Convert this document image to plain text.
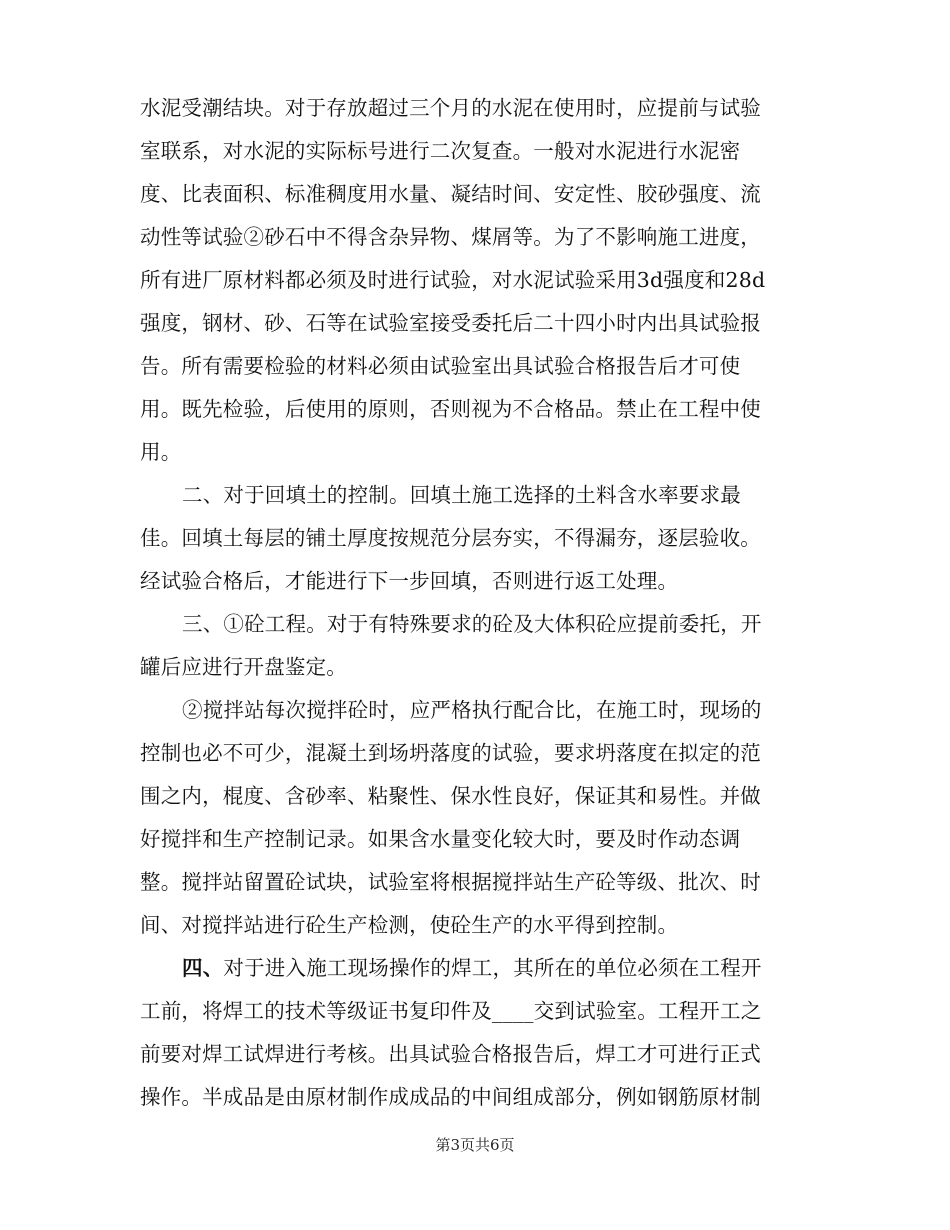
水泥受潮结块。对于存放超过三个月的水泥在使用时，应提前与试验
室联系，对水泥的实际标号进行二次复查。一般对水泥进行水泥密
度、比表面积、标准稠度用水量、凝结时间、安定性、胶砂强度、流
动性等试验②砂石中不得含杂异物、煤屑等。为了不影响施工进度，
所有进厂原材料都必须及时进行试验，对水泥试验采用3d强度和28d
强度，钢材、砂、石等在试验室接受委托后二十四小时内出具试验报
告。所有需要检验的材料必须由试验室出具试验合格报告后才可使
用。既先检验，后使用的原则，否则视为不合格品。禁止在工程中使
用。
二、对于回填土的控制。回填土施工选择的土料含水率要求最
佳。回填土每层的铺土厚度按规范分层夯实，不得漏夯，逐层验收。
经试验合格后，才能进行下一步回填，否则进行返工处理。
三、①砼工程。对于有特殊要求的砼及大体积砼应提前委托，开
罐后应进行开盘鉴定。
②搅拌站每次搅拌砼时，应严格执行配合比，在施工时，现场的
控制也必不可少，混凝土到场坍落度的试验，要求坍落度在拟定的范
围之内，棍度、含砂率、粘聚性、保水性良好，保证其和易性。并做
好搅拌和生产控制记录。如果含水量变化较大时，要及时作动态调
整。搅拌站留置砼试块，试验室将根据搅拌站生产砼等级、批次、时
间、对搅拌站进行砼生产检测，使砼生产的水平得到控制。
四、对于进入施工现场操作的焊工，其所在的单位必须在工程开
工前，将焊工的技术等级证书复印件及____交到试验室。工程开工之
前要对焊工试焊进行考核。出具试验合格报告后，焊工才可进行正式
操作。半成品是由原材制作成成品的中间组成部分，例如钢筋原材制
第3页共6页
